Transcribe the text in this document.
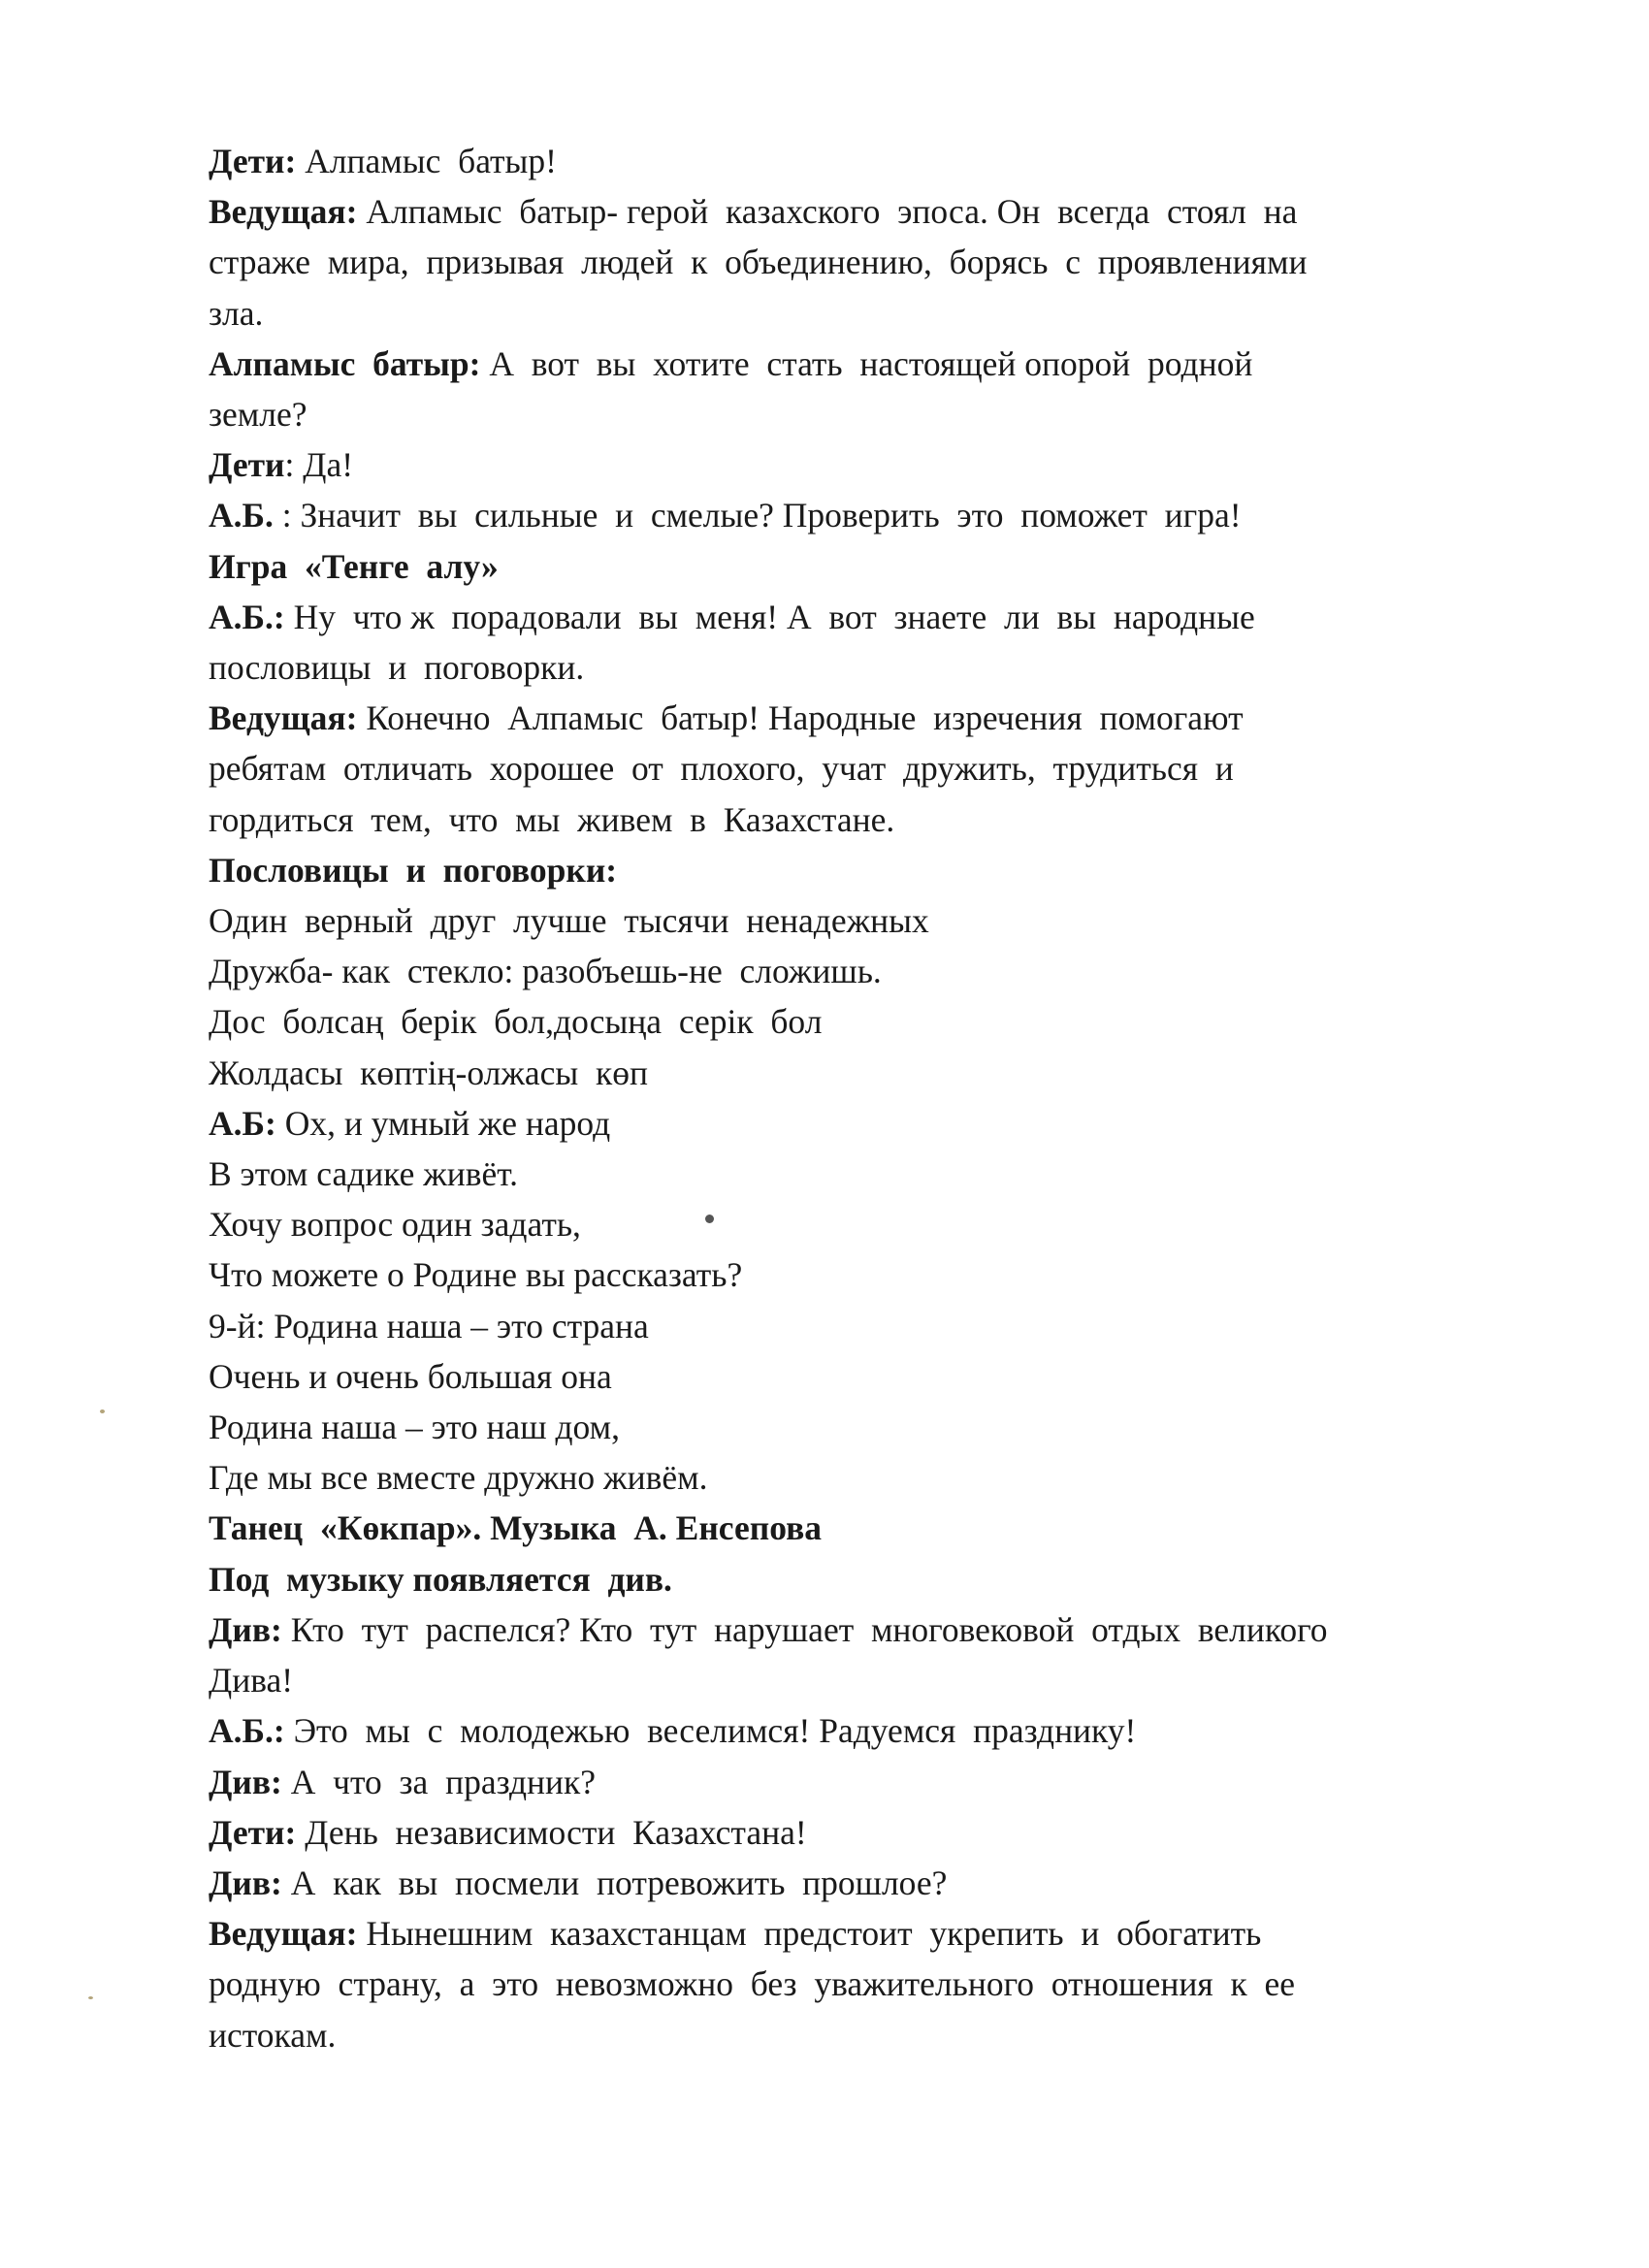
Дети: Алпамыс  батыр!
Ведущая: Алпамыс  батыр- герой  казахского  эпоса. Он  всегда  стоял  на
страже  мира,  призывая  людей  к  объединению,  борясь  с  проявлениями
зла.
Алпамыс  батыр: А  вот  вы  хотите  стать  настоящей опорой  родной
земле?
Дети: Да!
А.Б. : Значит  вы  сильные  и  смелые? Проверить  это  поможет  игра!
Игра  «Тенге  алу»
А.Б.: Ну  что ж  порадовали  вы  меня! А  вот  знаете  ли  вы  народные
пословицы  и  поговорки.
Ведущая: Конечно  Алпамыс  батыр! Народные  изречения  помогают
ребятам  отличать  хорошее  от  плохого,  учат  дружить,  трудиться  и
гордиться  тем,  что  мы  живем  в  Казахстане.
Пословицы  и  поговорки:
Один  верный  друг  лучше  тысячи  ненадежных
Дружба- как  стекло: разобъешь-не  сложишь.
Дос  болсаң  берік  бол,досыңа  серік  бол
Жолдасы  көптің-олжасы  көп
А.Б: Ох, и умный же народ
В этом садике живёт.
Хочу вопрос один задать,
Что можете о Родине вы рассказать?
9-й: Родина наша – это страна
Очень и очень большая она
Родина наша – это наш дом,
Где мы все вместе дружно живём.
Танец  «Көкпар». Музыка  А. Енсепова
Под  музыку появляется  див.
Див: Кто  тут  распелся? Кто  тут  нарушает  многовековой  отдых  великого
Дива!
А.Б.: Это  мы  с  молодежью  веселимся! Радуемся  празднику!
Див: А  что  за  праздник?
Дети: День  независимости  Казахстана!
Див: А  как  вы  посмели  потревожить  прошлое?
Ведущая: Нынешним  казахстанцам  предстоит  укрепить  и  обогатить
родную  страну,  а  это  невозможно  без  уважительного  отношения  к  ее
истокам.
